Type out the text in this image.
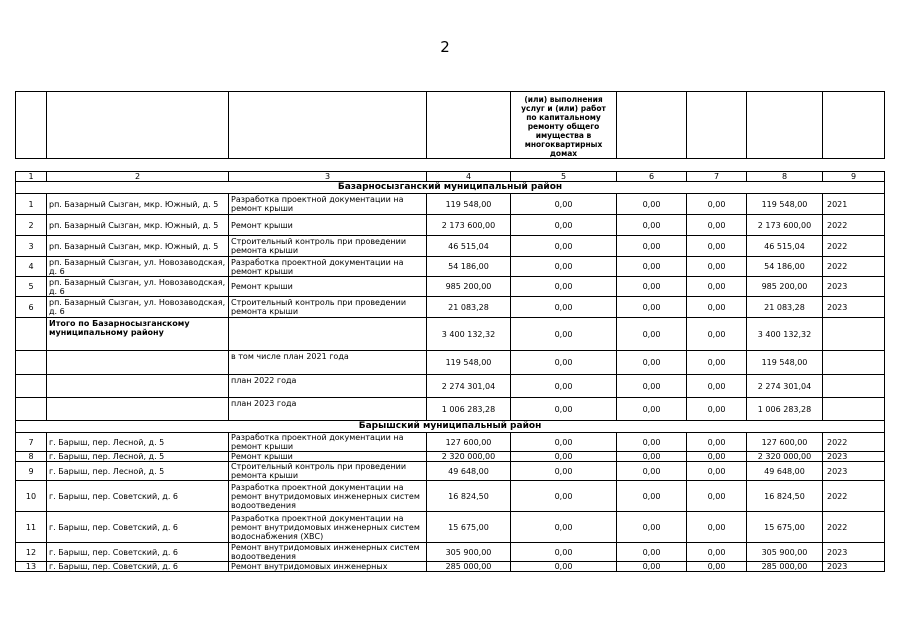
2
				(или) выполнения услуг и (или) работ по капитальному ремонту общего имущества в многоквартирных домах				
1	2	3	4	5	6	7	8	9
Базарносызганский муниципальный район								
1	рп. Базарный Сызган, мкр. Южный, д. 5	Разработка проектной документации на ремонт крыши	119 548,00	0,00	0,00	0,00	119 548,00	2021
2	рп. Базарный Сызган, мкр. Южный, д. 5	Ремонт крыши	2 173 600,00	0,00	0,00	0,00	2 173 600,00	2022
3	рп. Базарный Сызган, мкр. Южный, д. 5	Строительный контроль при проведении ремонта крыши	46 515,04	0,00	0,00	0,00	46 515,04	2022
4	рп. Базарный Сызган, ул. Новозаводская, д. 6	Разработка проектной документации на ремонт крыши	54 186,00	0,00	0,00	0,00	54 186,00	2022
5	рп. Базарный Сызган, ул. Новозаводская, д. 6	Ремонт крыши	985 200,00	0,00	0,00	0,00	985 200,00	2023
6	рп. Базарный Сызган, ул. Новозаводская, д. 6	Строительный контроль при проведении ремонта крыши	21 083,28	0,00	0,00	0,00	21 083,28	2023
	Итого по Базарносызганскому муниципальному району		3 400 132,32	0,00	0,00	0,00	3 400 132,32	
		в том числе план 2021 года	119 548,00	0,00	0,00	0,00	119 548,00	
		план 2022 года	2 274 301,04	0,00	0,00	0,00	2 274 301,04	
		план 2023 года	1 006 283,28	0,00	0,00	0,00	1 006 283,28	
Барышский муниципальный район								
7	г. Барыш, пер. Лесной, д. 5	Разработка проектной документации на ремонт крыши	127 600,00	0,00	0,00	0,00	127 600,00	2022
8	г. Барыш, пер. Лесной, д. 5	Ремонт крыши	2 320 000,00	0,00	0,00	0,00	2 320 000,00	2023
9	г. Барыш, пер. Лесной, д. 5	Строительный контроль при проведении ремонта крыши	49 648,00	0,00	0,00	0,00	49 648,00	2023
10	г. Барыш, пер. Советский, д. 6	Разработка проектной документации на ремонт внутридомовых инженерных систем водоотведения	16 824,50	0,00	0,00	0,00	16 824,50	2022
11	г. Барыш, пер. Советский, д. 6	Разработка проектной документации на ремонт внутридомовых инженерных систем водоснабжения (ХВС)	15 675,00	0,00	0,00	0,00	15 675,00	2022
12	г. Барыш, пер. Советский, д. 6	Ремонт внутридомовых инженерных систем водоотведения	305 900,00	0,00	0,00	0,00	305 900,00	2023
13	г. Барыш, пер. Советский, д. 6	Ремонт внутридомовых инженерных	285 000,00	0,00	0,00	0,00	285 000,00	2023
